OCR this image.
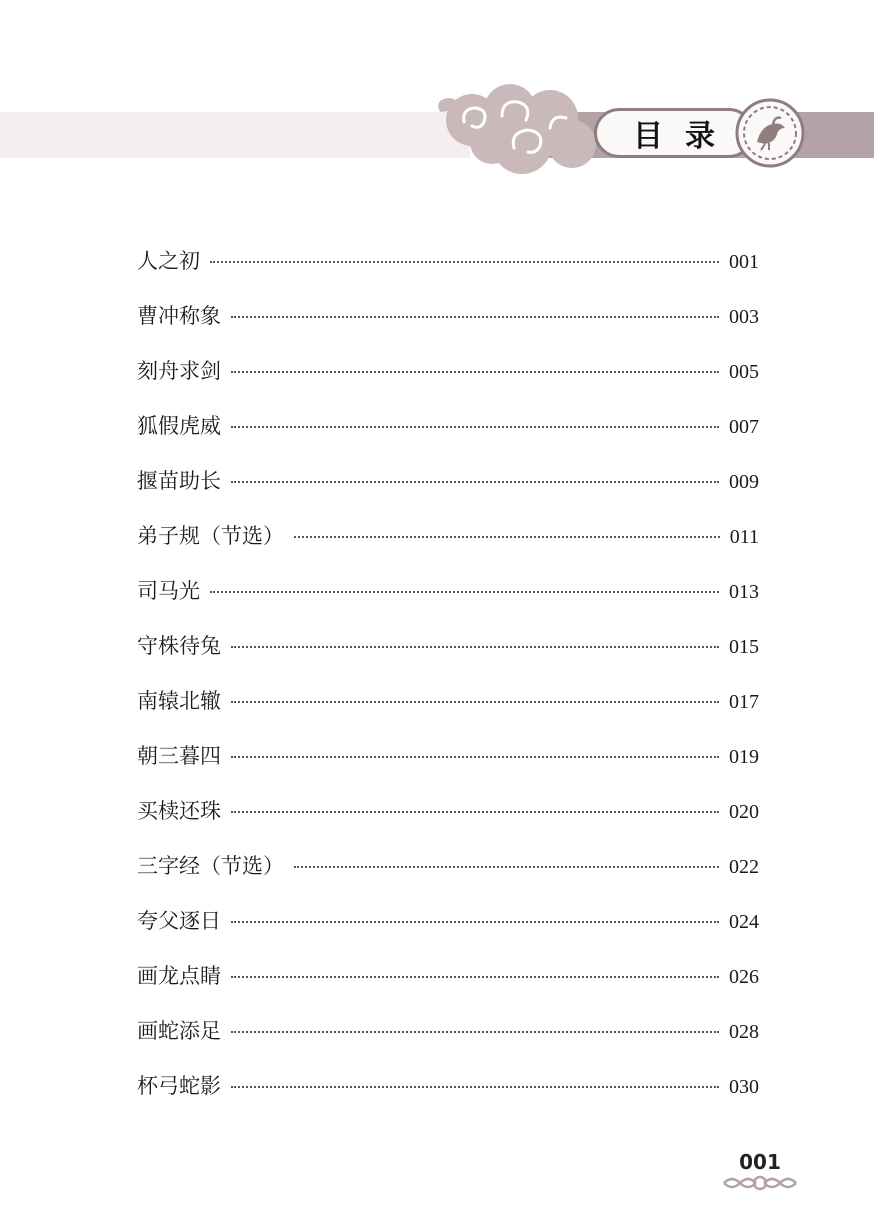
目录
人之初	001
曹冲称象	003
刻舟求剑	005
狐假虎威	007
揠苗助长	009
弟子规（节选）	011
司马光	013
守株待兔	015
南辕北辙	017
朝三暮四	019
买椟还珠	020
三字经（节选）	022
夸父逐日	024
画龙点睛	026
画蛇添足	028
杯弓蛇影	030
001
